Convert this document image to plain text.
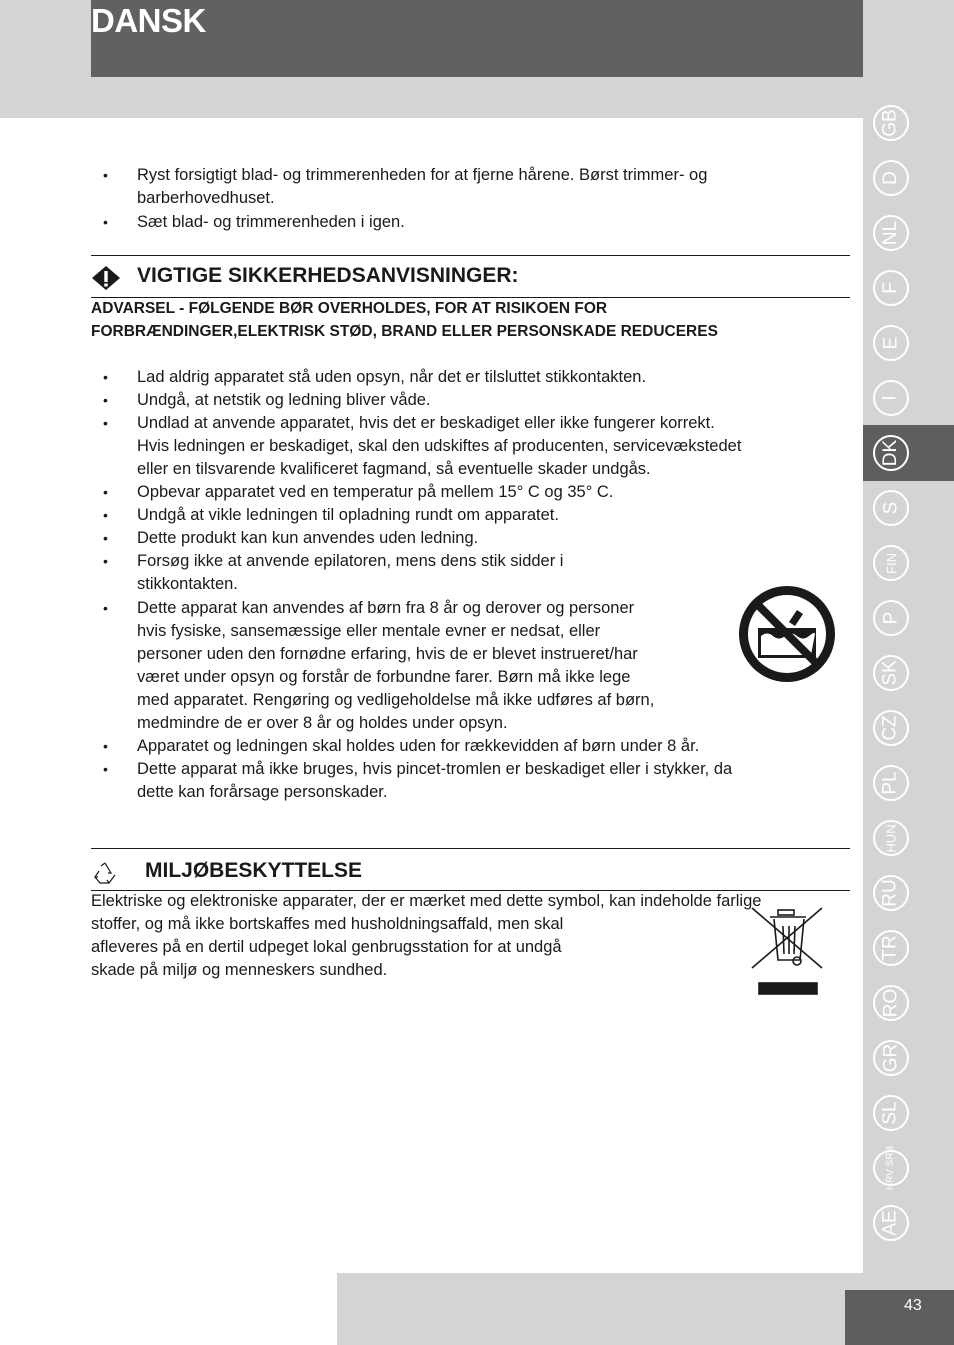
DANSK
GB
D
NL
F
E
I
DK
S
FIN
P
SK
CZ
PL
HUN
RU
TR
RO
GR
SL
HRV SRB
AE
43
• Ryst forsigtigt blad- og trimmerenheden for at fjerne hårene. Børst trimmer- og
barberhovedhuset.
• Sæt blad- og trimmerenheden i igen.
VIGTIGE SIKKERHEDSANVISNINGER:
ADVARSEL - FØLGENDE BØR OVERHOLDES, FOR AT RISIKOEN FOR
FORBRÆNDINGER,ELEKTRISK STØD, BRAND ELLER PERSONSKADE REDUCERES
• Lad aldrig apparatet stå uden opsyn, når det er tilsluttet stikkontakten.
• Undgå, at netstik og ledning bliver våde.
• Undlad at anvende apparatet, hvis det er beskadiget eller ikke fungerer korrekt.
Hvis ledningen er beskadiget, skal den udskiftes af producenten, servicevækstedet
eller en tilsvarende kvalificeret fagmand, så eventuelle skader undgås.
• Opbevar apparatet ved en temperatur på mellem 15° C og 35° C.
• Undgå at vikle ledningen til opladning rundt om apparatet.
• Dette produkt kan kun anvendes uden ledning.
• Forsøg ikke at anvende epilatoren, mens dens stik sidder i
stikkontakten.
• Dette apparat kan anvendes af børn fra 8 år og derover og personer
hvis fysiske, sansemæssige eller mentale evner er nedsat, eller
personer uden den fornødne erfaring, hvis de er blevet instrueret/har
været under opsyn og forstår de forbundne farer. Børn må ikke lege
med apparatet. Rengøring og vedligeholdelse må ikke udføres af børn,
medmindre de er over 8 år og holdes under opsyn.
• Apparatet og ledningen skal holdes uden for rækkevidden af børn under 8 år.
• Dette apparat må ikke bruges, hvis pincet-tromlen er beskadiget eller i stykker, da
dette kan forårsage personskader.
MILJØBESKYTTELSE
Elektriske og elektroniske apparater, der er mærket med dette symbol, kan indeholde farlige
stoffer, og må ikke bortskaffes med husholdningsaffald, men skal
afleveres på en dertil udpeget lokal genbrugsstation for at undgå
skade på miljø og menneskers sundhed.
